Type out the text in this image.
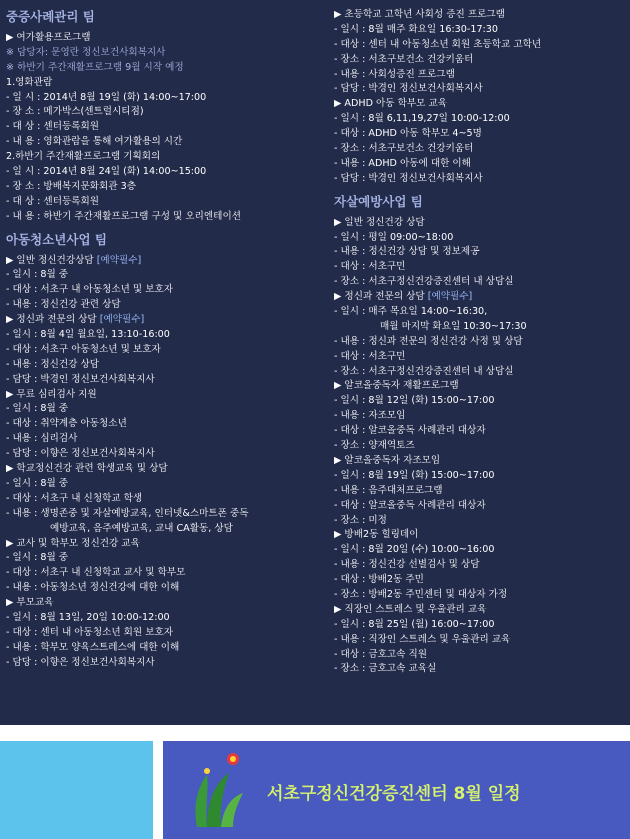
중증사례관리 팀
▶ 여가활용프로그램
※ 담당자: 문영란 정신보건사회복지사
※ 하반기 주간재활프로그램 9월 시작 예정
1.영화관람
- 일 시 : 2014년 8월 19일 (화) 14:00~17:00
- 장 소 : 메가박스(센트럴시티점)
- 대 상 : 센터등록회원
- 내 용 : 영화관람을 통해 여가활용의 시간
2.하반기 주간재활프로그램 기획회의
- 일 시 : 2014년 8월 24일 (화) 14:00~15:00
- 장 소 : 방배복지문화회관 3층
- 대 상 : 센터등록회원
- 내 용 : 하반기 주간재활프로그램 구성 및 오리엔테이션
아동청소년사업 팀
▶ 일반 정신건강상담 [예약필수]
- 일시 : 8월 중
- 대상 : 서초구 내 아동청소년 및 보호자
- 내용 : 정신건강 관련 상담
▶ 정신과 전문의 상담 [예약필수]
- 일시 : 8월 4일 월요일, 13:10-16:00
- 대상 : 서초구 아동청소년 및 보호자
- 내용 : 정신건강 상담
- 담당 : 박경인 정신보건사회복지사
▶ 무료 심리검사 지원
- 일시 : 8월 중
- 대상 : 취약계층 아동청소년
- 내용 : 심리검사
- 담당 : 이향은 정신보건사회복지사
▶ 학교정신건강 관련 학생교육 및 상담
- 일시 : 8월 중
- 대상 : 서초구 내 신청학교 학생
- 내용 : 생명존중 및 자살예방교육, 인터넷&스마트폰 중독
예방교육, 음주예방교육, 교내 CA활동, 상담
▶ 교사 및 학부모 정신건강 교육
- 일시 : 8월 중
- 대상 : 서초구 내 신청학교 교사 및 학부모
- 내용 : 아동청소년 정신건강에 대한 이해
▶ 부모교육
- 일시 : 8월 13일, 20일 10:00-12:00
- 대상 : 센터 내 아동청소년 회원 보호자
- 내용 : 학부모 양육스트레스에 대한 이해
- 담당 : 이향은 정신보건사회복지사
▶ 초등학교 고학년 사회성 증진 프로그램
- 일시 : 8월 매주 화요일 16:30-17:30
- 대상 : 센터 내 아동청소년 회원 초등학교 고학년
- 장소 : 서초구보건소 건강키움터
- 내용 : 사회성증진 프로그램
- 담당 : 박경인 정신보건사회복지사
▶ ADHD 아동 학부모 교육
- 일시 : 8월 6,11,19,27일 10:00-12:00
- 대상 : ADHD 아동 학부모 4~5명
- 장소 : 서초구보건소 건강키움터
- 내용 : ADHD 아동에 대한 이해
- 담당 : 박경인 정신보건사회복지사
자살예방사업 팀
▶ 일반 정신건강 상담
- 일시 : 평일 09:00~18:00
- 내용 : 정신건강 상담 및 정보제공
- 대상 : 서초구민
- 장소 : 서초구정신건강증진센터 내 상담실
▶ 정신과 전문의 상담 [예약필수]
- 일시 : 매주 목요일 14:00~16:30,
매월 마지막 화요일 10:30~17:30
- 내용 : 정신과 전문의 정신건강 사정 및 상담
- 대상 : 서초구민
- 장소 : 서초구정신건강증진센터 내 상담실
▶ 알코올중독자 재활프로그램
- 일시 : 8월 12일 (화) 15:00~17:00
- 내용 : 자조모임
- 대상 : 알코올중독 사례관리 대상자
- 장소 : 양재역토즈
▶ 알코올중독자 자조모임
- 일시 : 8월 19일 (화) 15:00~17:00
- 내용 : 음주대처프로그램
- 대상 : 알코올중독 사례관리 대상자
- 장소 : 미정
▶ 방배2동 힐링데이
- 일시 : 8월 20일 (수) 10:00~16:00
- 내용 : 정신건강 선별검사 및 상담
- 대상 : 방배2동 주민
- 장소 : 방배2동 주민센터 및 대상자 가정
▶ 직장인 스트레스 및 우울관리 교육
- 일시 : 8월 25일 (월) 16:00~17:00
- 내용 : 직장인 스트레스 및 우울관리 교육
- 대상 : 금호고속 직원
- 장소 : 금호고속 교육실
서초구정신건강증진센터 8월 일정
